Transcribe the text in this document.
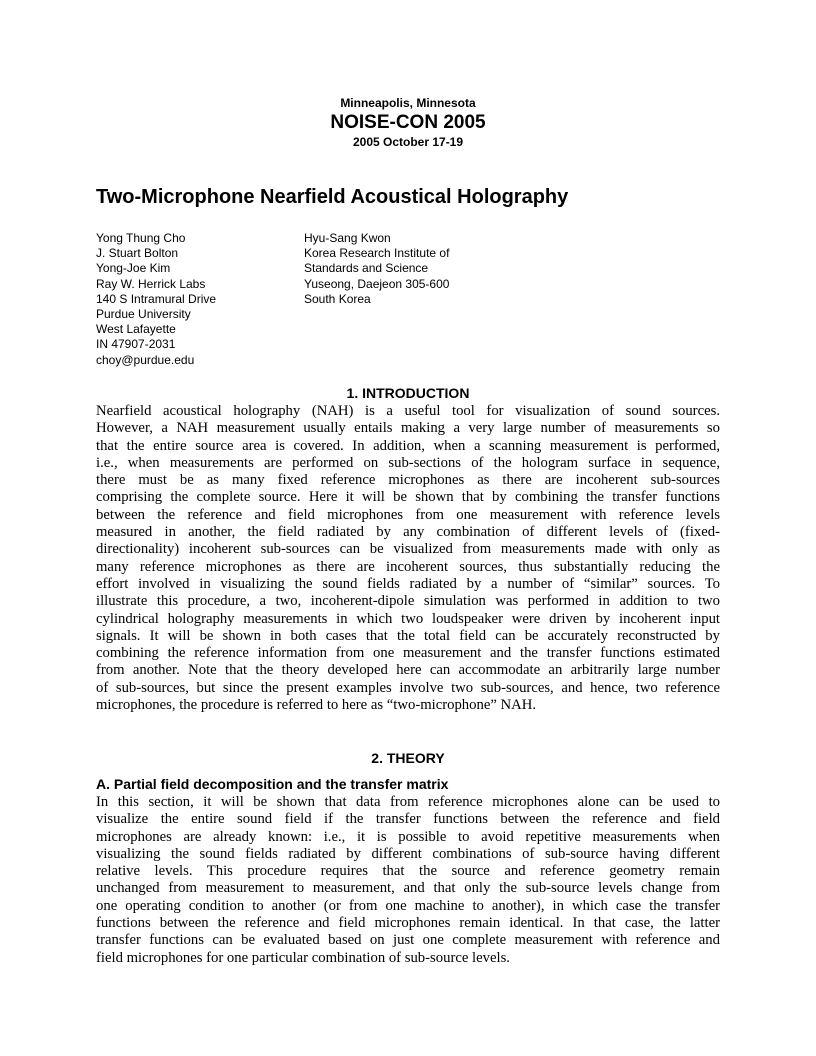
Minneapolis, Minnesota
NOISE-CON 2005
2005 October 17-19
Two-Microphone Nearfield Acoustical Holography
Yong Thung Cho
J. Stuart Bolton
Yong-Joe Kim
Ray W. Herrick Labs
140 S Intramural Drive
Purdue University
West Lafayette
IN 47907-2031
choy@purdue.edu
Hyu-Sang Kwon
Korea Research Institute of
Standards and Science
Yuseong, Daejeon 305-600
South Korea
1. INTRODUCTION
Nearfield acoustical holography (NAH) is a useful tool for visualization of sound sources.
However, a NAH measurement usually entails making a very large number of measurements so
that the entire source area is covered. In addition, when a scanning measurement is performed,
i.e., when measurements are performed on sub-sections of the hologram surface in sequence,
there must be as many fixed reference microphones as there are incoherent sub-sources
comprising the complete source. Here it will be shown that by combining the transfer functions
between the reference and field microphones from one measurement with reference levels
measured in another, the field radiated by any combination of different levels of (fixed-
directionality) incoherent sub-sources can be visualized from measurements made with only as
many reference microphones as there are incoherent sources, thus substantially reducing the
effort involved in visualizing the sound fields radiated by a number of “similar” sources. To
illustrate this procedure, a two, incoherent-dipole simulation was performed in addition to two
cylindrical holography measurements in which two loudspeaker were driven by incoherent input
signals. It will be shown in both cases that the total field can be accurately reconstructed by
combining the reference information from one measurement and the transfer functions estimated
from another. Note that the theory developed here can accommodate an arbitrarily large number
of sub-sources, but since the present examples involve two sub-sources, and hence, two reference
microphones, the procedure is referred to here as “two-microphone” NAH.
2. THEORY
A. Partial field decomposition and the transfer matrix
In this section, it will be shown that data from reference microphones alone can be used to
visualize the entire sound field if the transfer functions between the reference and field
microphones are already known: i.e., it is possible to avoid repetitive measurements when
visualizing the sound fields radiated by different combinations of sub-source having different
relative levels. This procedure requires that the source and reference geometry remain
unchanged from measurement to measurement, and that only the sub-source levels change from
one operating condition to another (or from one machine to another), in which case the transfer
functions between the reference and field microphones remain identical. In that case, the latter
transfer functions can be evaluated based on just one complete measurement with reference and
field microphones for one particular combination of sub-source levels.
